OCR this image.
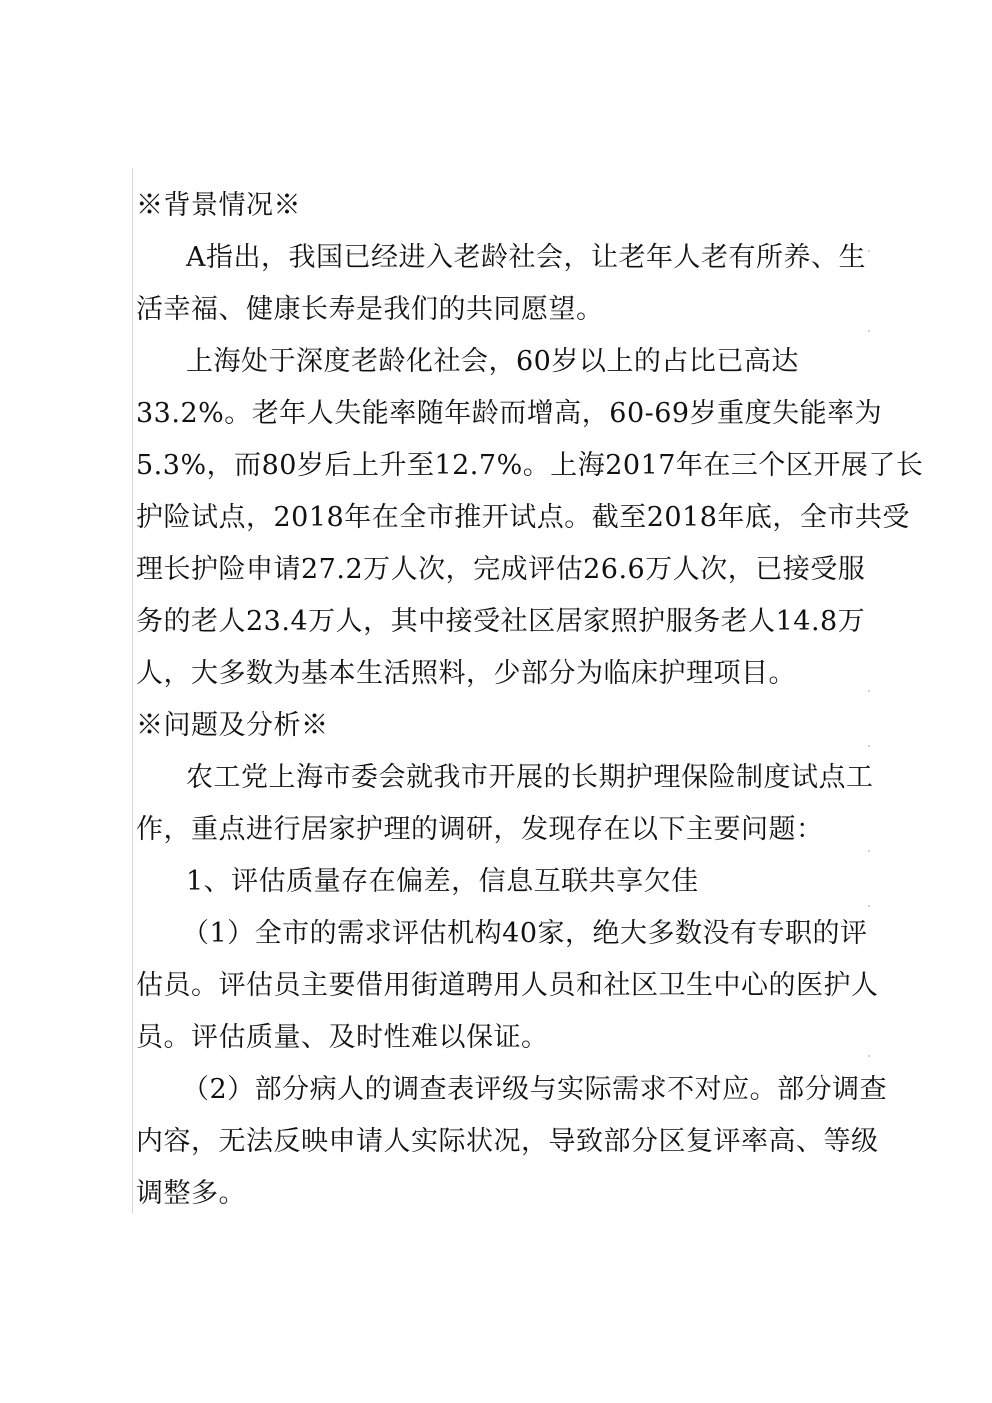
※背景情况※
A指出，我国已经进入老龄社会，让老年人老有所养、生
活幸福、健康长寿是我们的共同愿望。
上海处于深度老龄化社会，60岁以上的占比已高达
33.2%。老年人失能率随年龄而增高，60-69岁重度失能率为
5.3%，而80岁后上升至12.7%。上海2017年在三个区开展了长
护险试点，2018年在全市推开试点。截至2018年底，全市共受
理长护险申请27.2万人次，完成评估26.6万人次，已接受服
务的老人23.4万人，其中接受社区居家照护服务老人14.8万
人，大多数为基本生活照料，少部分为临床护理项目。
※问题及分析※
农工党上海市委会就我市开展的长期护理保险制度试点工
作，重点进行居家护理的调研，发现存在以下主要问题：
1、评估质量存在偏差，信息互联共享欠佳
（1）全市的需求评估机构40家，绝大多数没有专职的评
估员。评估员主要借用街道聘用人员和社区卫生中心的医护人
员。评估质量、及时性难以保证。
（2）部分病人的调查表评级与实际需求不对应。部分调查
内容，无法反映申请人实际状况，导致部分区复评率高、等级
调整多。
